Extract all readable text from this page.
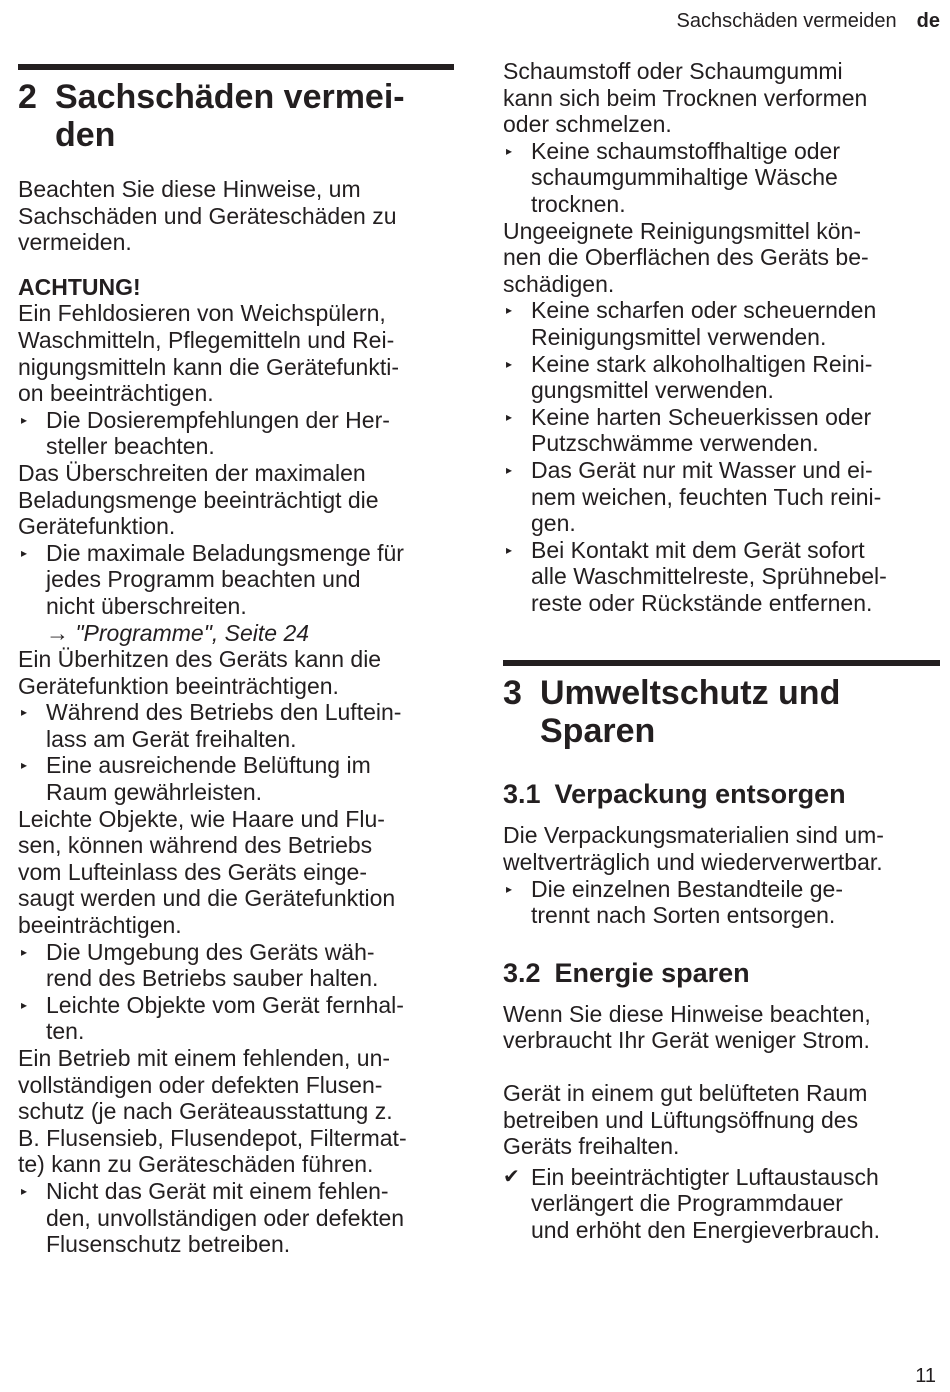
Sachschäden vermeiden de
2 Sachschäden vermei-
den
Beachten Sie diese Hinweise, um
Sachschäden und Geräteschäden zu
vermeiden.
ACHTUNG!
Ein Fehldosieren von Weichspülern,
Waschmitteln, Pflegemitteln und Rei-
nigungsmitteln kann die Gerätefunkti-
on beeinträchtigen.
▸ Die Dosierempfehlungen der Her-
steller beachten.
Das Überschreiten der maximalen
Beladungsmenge beeinträchtigt die
Gerätefunktion.
▸ Die maximale Beladungsmenge für
jedes Programm beachten und
nicht überschreiten.
→ "Programme", Seite 24
Ein Überhitzen des Geräts kann die
Gerätefunktion beeinträchtigen.
▸ Während des Betriebs den Luftein-
lass am Gerät freihalten.
▸ Eine ausreichende Belüftung im
Raum gewährleisten.
Leichte Objekte, wie Haare und Flu-
sen, können während des Betriebs
vom Lufteinlass des Geräts einge-
saugt werden und die Gerätefunktion
beeinträchtigen.
▸ Die Umgebung des Geräts wäh-
rend des Betriebs sauber halten.
▸ Leichte Objekte vom Gerät fernhal-
ten.
Ein Betrieb mit einem fehlenden, un-
vollständigen oder defekten Flusen-
schutz (je nach Geräteausstattung z.
B. Flusensieb, Flusendepot, Filtermat-
te) kann zu Geräteschäden führen.
▸ Nicht das Gerät mit einem fehlen-
den, unvollständigen oder defekten
Flusenschutz betreiben.
Schaumstoff oder Schaumgummi
kann sich beim Trocknen verformen
oder schmelzen.
▸ Keine schaumstoffhaltige oder
schaumgummihaltige Wäsche
trocknen.
Ungeeignete Reinigungsmittel kön-
nen die Oberflächen des Geräts be-
schädigen.
▸ Keine scharfen oder scheuernden
Reinigungsmittel verwenden.
▸ Keine stark alkoholhaltigen Reini-
gungsmittel verwenden.
▸ Keine harten Scheuerkissen oder
Putzschwämme verwenden.
▸ Das Gerät nur mit Wasser und ei-
nem weichen, feuchten Tuch reini-
gen.
▸ Bei Kontakt mit dem Gerät sofort
alle Waschmittelreste, Sprühnebel-
reste oder Rückstände entfernen.
3 Umweltschutz und
Sparen
3.1 Verpackung entsorgen
Die Verpackungsmaterialien sind um-
weltverträglich und wiederverwertbar.
▸ Die einzelnen Bestandteile ge-
trennt nach Sorten entsorgen.
3.2 Energie sparen
Wenn Sie diese Hinweise beachten,
verbraucht Ihr Gerät weniger Strom.
Gerät in einem gut belüfteten Raum
betreiben und Lüftungsöffnung des
Geräts freihalten.
✔ Ein beeinträchtigter Luftaustausch
verlängert die Programmdauer
und erhöht den Energieverbrauch.
11
